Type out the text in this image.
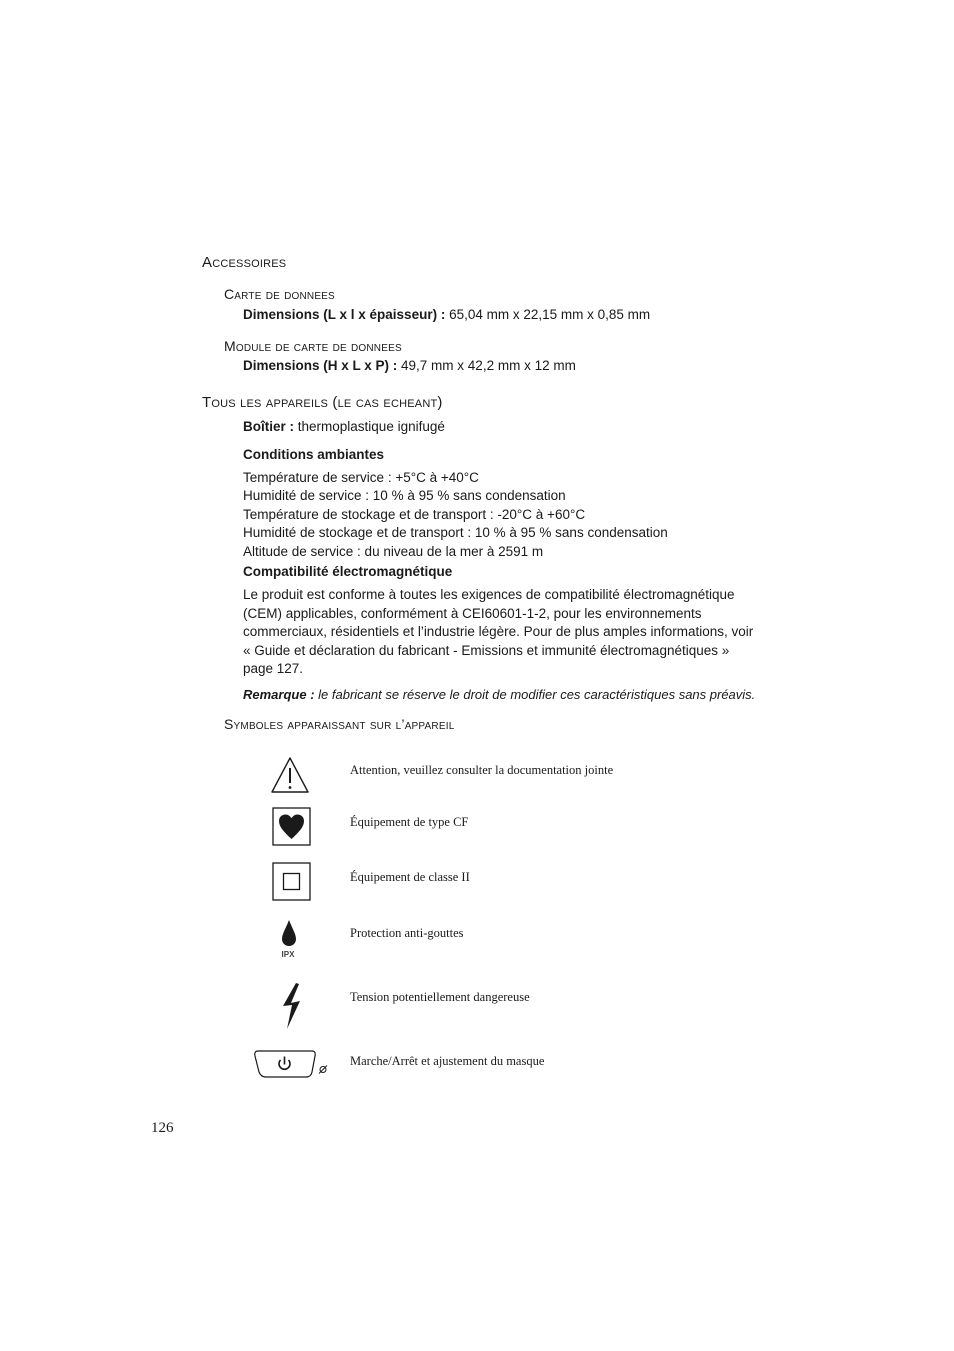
Accessoires
Carte de donnees
Dimensions (L x l x épaisseur) : 65,04 mm x 22,15 mm x 0,85 mm
Module de carte de donnees
Dimensions (H x L x P) : 49,7 mm x 42,2 mm x 12 mm
Tous les appareils (le cas echeant)
Boîtier : thermoplastique ignifugé
Conditions ambiantes
Température de service : +5°C à +40°C
Humidité de service : 10 % à 95 % sans condensation
Température de stockage et de transport : -20°C à +60°C
Humidité de stockage et de transport : 10 % à 95 % sans condensation
Altitude de service : du niveau de la mer à 2591 m
Compatibilité électromagnétique
Le produit est conforme à toutes les exigences de compatibilité électromagnétique
(CEM) applicables, conformément à CEI60601-1-2, pour les environnements
commerciaux, résidentiels et l’industrie légère. Pour de plus amples informations, voir
« Guide et déclaration du fabricant - Emissions et immunité électromagnétiques »
page 127.
Remarque : le fabricant se réserve le droit de modifier ces caractéristiques sans préavis.
Symboles apparaissant sur l’appareil
Attention, veuillez consulter la documentation jointe
Équipement de type CF
Équipement de classe II
IPX
Protection anti-gouttes
Tension potentiellement dangereuse
Marche/Arrêt et ajustement du masque
126
